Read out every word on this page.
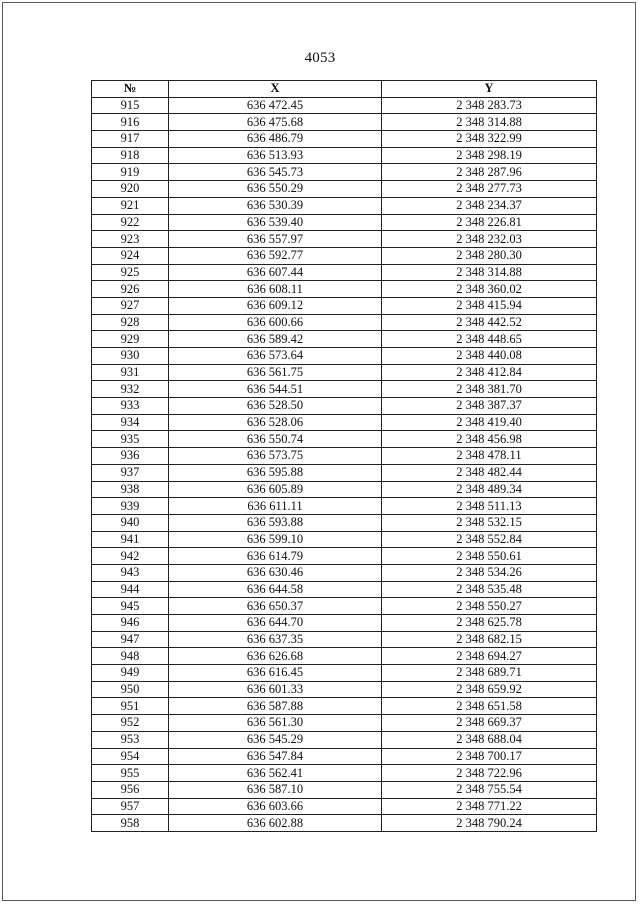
4053
№	X	Y
915	636 472.45	2 348 283.73
916	636 475.68	2 348 314.88
917	636 486.79	2 348 322.99
918	636 513.93	2 348 298.19
919	636 545.73	2 348 287.96
920	636 550.29	2 348 277.73
921	636 530.39	2 348 234.37
922	636 539.40	2 348 226.81
923	636 557.97	2 348 232.03
924	636 592.77	2 348 280.30
925	636 607.44	2 348 314.88
926	636 608.11	2 348 360.02
927	636 609.12	2 348 415.94
928	636 600.66	2 348 442.52
929	636 589.42	2 348 448.65
930	636 573.64	2 348 440.08
931	636 561.75	2 348 412.84
932	636 544.51	2 348 381.70
933	636 528.50	2 348 387.37
934	636 528.06	2 348 419.40
935	636 550.74	2 348 456.98
936	636 573.75	2 348 478.11
937	636 595.88	2 348 482.44
938	636 605.89	2 348 489.34
939	636 611.11	2 348 511.13
940	636 593.88	2 348 532.15
941	636 599.10	2 348 552.84
942	636 614.79	2 348 550.61
943	636 630.46	2 348 534.26
944	636 644.58	2 348 535.48
945	636 650.37	2 348 550.27
946	636 644.70	2 348 625.78
947	636 637.35	2 348 682.15
948	636 626.68	2 348 694.27
949	636 616.45	2 348 689.71
950	636 601.33	2 348 659.92
951	636 587.88	2 348 651.58
952	636 561.30	2 348 669.37
953	636 545.29	2 348 688.04
954	636 547.84	2 348 700.17
955	636 562.41	2 348 722.96
956	636 587.10	2 348 755.54
957	636 603.66	2 348 771.22
958	636 602.88	2 348 790.24
